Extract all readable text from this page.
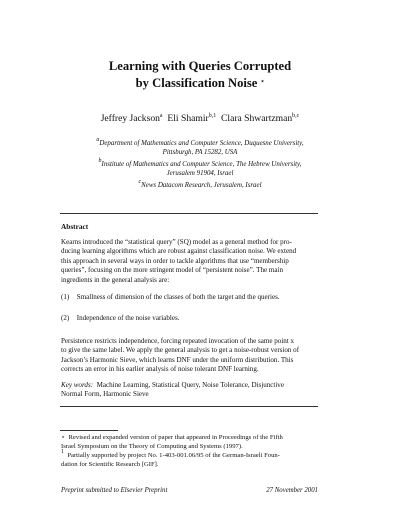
Learning with Queries Corrupted
by Classification Noise ⋆
Jeffrey Jackson$^a$ Eli Shamir$^{b,1}$ Clara Shwartzman$^{b,c}$
$^a$Department of Mathematics and Computer Science, Duquesne University,
Pittsburgh, PA 15282, USA
$^b$Institute of Mathematics and Computer Science, The Hebrew University,
Jerusalem 91904, Israel
$^c$News Datacom Research, Jerusalem, Israel
Abstract
Kearns introduced the “statistical query” (SQ) model as a general method for pro-
ducing learning algorithms which are robust against classification noise. We extend
this approach in several ways in order to tackle algorithms that use “membership
queries”, focusing on the more stringent model of “persistent noise”. The main
ingredients in the general analysis are:
(1) Smallness of dimension of the classes of both the target and the queries.
(2) Independence of the noise variables.
Persistence restricts independence, forcing repeated invocation of the same point x
to give the same label. We apply the general analysis to get a noise-robust version of
Jackson’s Harmonic Sieve, which learns DNF under the uniform distribution. This
corrects an error in his earlier analysis of noise tolerant DNF learning.
Key words: Machine Learning, Statistical Query, Noise Tolerance, Disjunctive
Normal Form, Harmonic Sieve
⋆ Revised and expanded version of paper that appeared in Proceedings of the Fifth
Israel Symposium on the Theory of Computing and Systems (1997).
$^1$ Partially supported by project No. 1-403-001.06/95 of the German-Israeli Foun-
dation for Scientific Research [GIF].
Preprint submitted to Elsevier Preprint	27 November 2001
